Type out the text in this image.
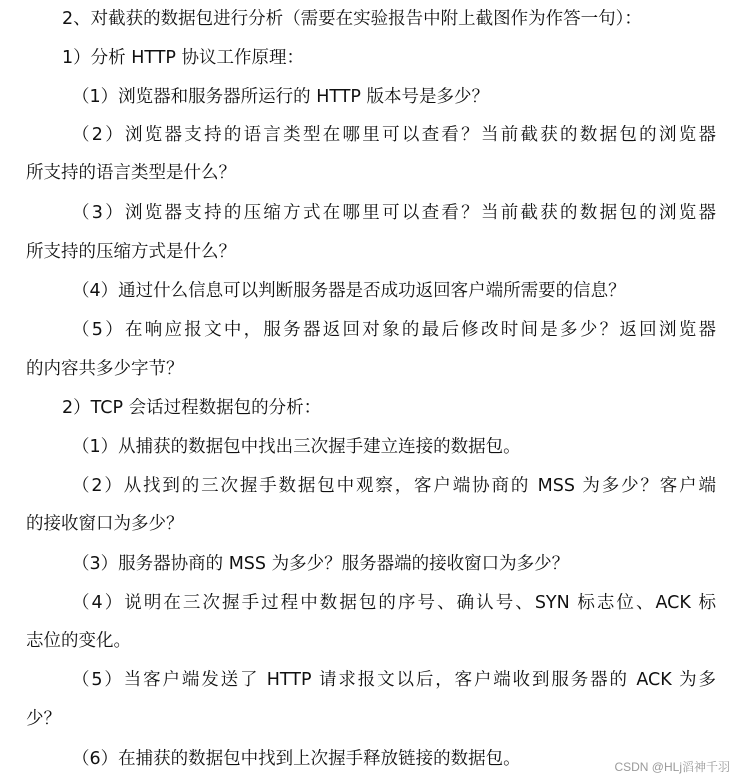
2、对截获的数据包进行分析（需要在实验报告中附上截图作为作答一句）：
1）分析 HTTP 协议工作原理：
（1）浏览器和服务器所运行的 HTTP 版本号是多少？
（2）浏览器支持的语言类型在哪里可以查看？当前截获的数据包的浏览器
所支持的语言类型是什么？
（3）浏览器支持的压缩方式在哪里可以查看？当前截获的数据包的浏览器
所支持的压缩方式是什么？
（4）通过什么信息可以判断服务器是否成功返回客户端所需要的信息？
（5）在响应报文中，服务器返回对象的最后修改时间是多少？返回浏览器
的内容共多少字节？
2）TCP 会话过程数据包的分析：
（1）从捕获的数据包中找出三次握手建立连接的数据包。
（2）从找到的三次握手数据包中观察，客户端协商的 MSS 为多少？客户端
的接收窗口为多少？
（3）服务器协商的 MSS 为多少？服务器端的接收窗口为多少？
（4）说明在三次握手过程中数据包的序号、确认号、SYN 标志位、ACK 标
志位的变化。
（5）当客户端发送了 HTTP 请求报文以后，客户端收到服务器的 ACK 为多
少？
（6）在捕获的数据包中找到上次握手释放链接的数据包。	CSDN @HLj滔神千羽
